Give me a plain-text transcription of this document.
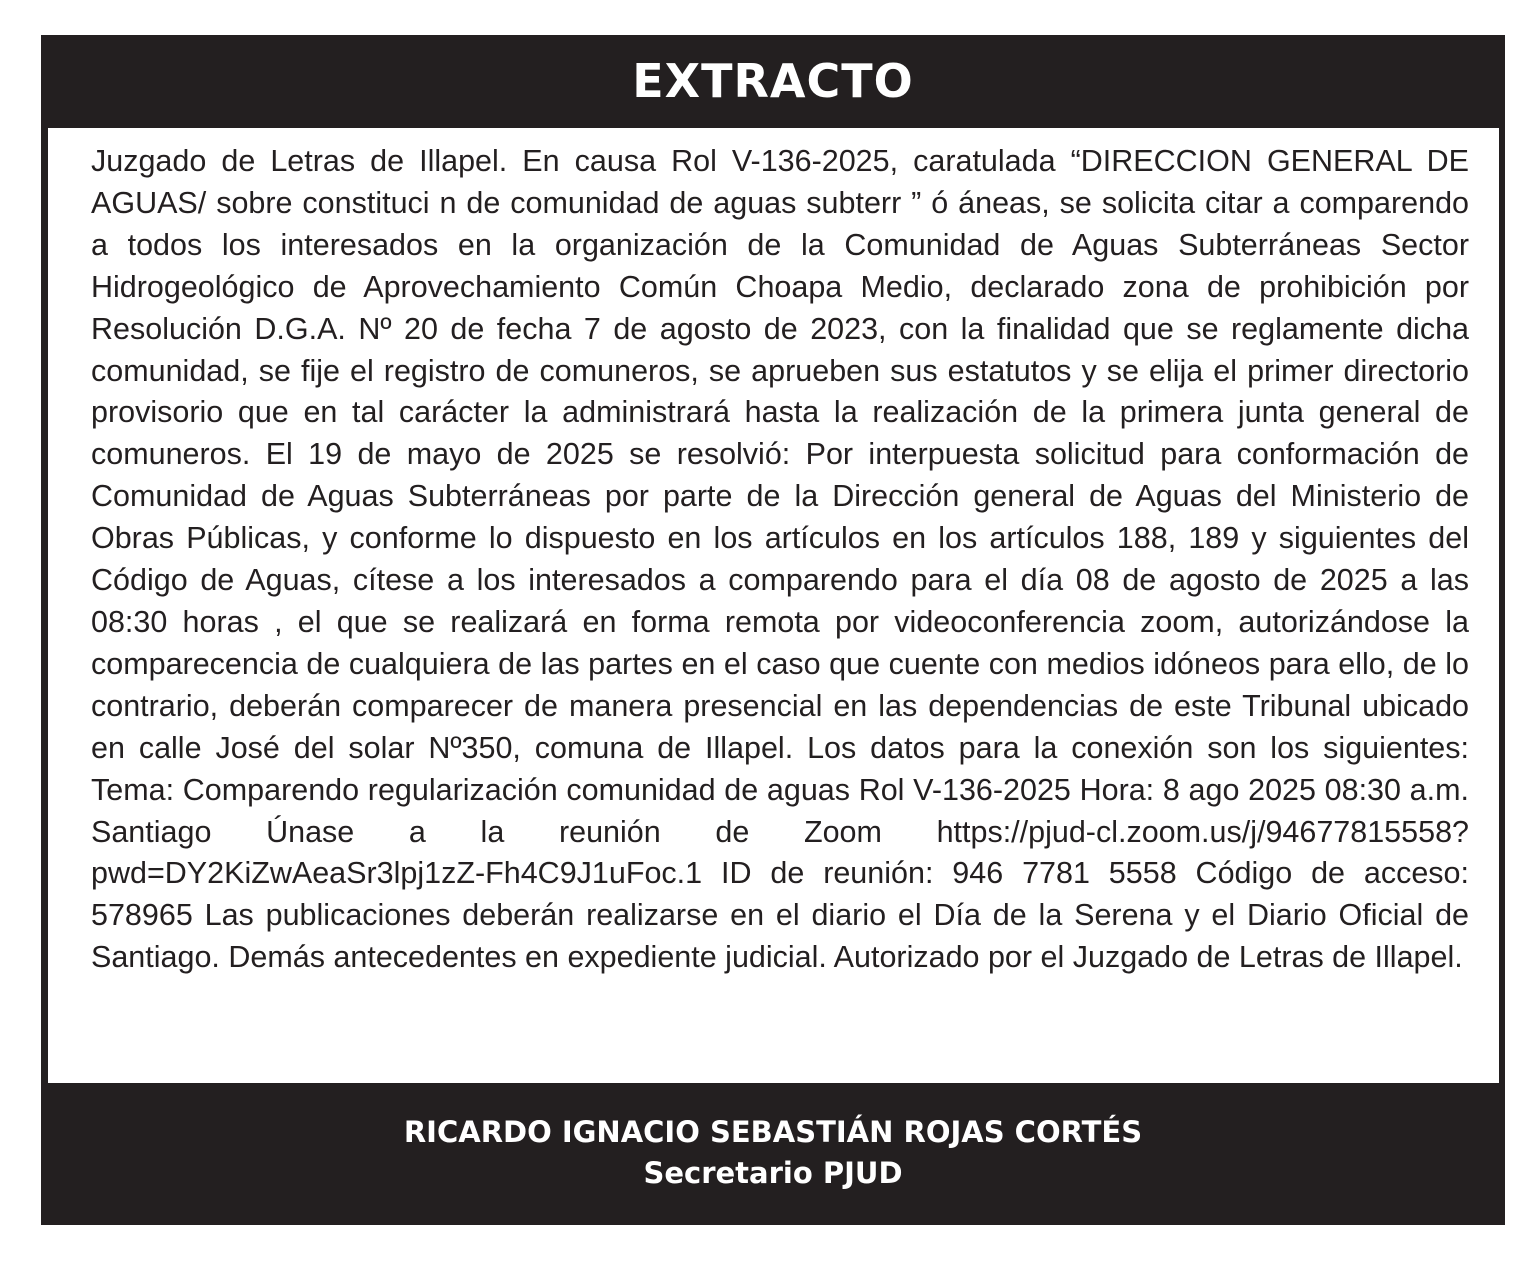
EXTRACTO

Juzgado de Letras de Illapel. En causa Rol V-136-2025, caratulada “DIRECCION GENERAL DE AGUAS/ sobre constituci n de comunidad de aguas subterr ” ó áneas, se solicita citar a comparendo a todos los interesados en la organización de la Comunidad de Aguas Subterráneas Sector Hidrogeológico de Aprovechamiento Común Choapa Medio, declarado zona de prohibición por Resolución D.G.A. Nº 20 de fecha 7 de agosto de 2023, con la finalidad que se reglamente dicha comunidad, se fije el registro de comuneros, se aprueben sus estatutos y se elija el primer directorio provisorio que en tal carácter la administrará hasta la realización de la primera junta general de comuneros. El 19 de mayo de 2025 se resolvió: Por interpuesta solicitud para conformación de Comunidad de Aguas Subterráneas por parte de la Dirección general de Aguas del Ministerio de Obras Públicas, y conforme lo dispuesto en los artículos en los artículos 188, 189 y siguientes del Código de Aguas, cítese a los interesados a comparendo para el día 08 de agosto de 2025 a las 08:30 horas , el que se realizará en forma remota por videoconferencia zoom, autorizándose la comparecencia de cualquiera de las partes en el caso que cuente con medios idóneos para ello, de lo contrario, deberán comparecer de manera presencial en las dependencias de este Tribunal ubicado en calle José del solar Nº350, comuna de Illapel. Los datos para la conexión son los siguientes: Tema: Comparendo regularización comunidad de aguas Rol V-136-2025 Hora: 8 ago 2025 08:30 a.m. Santiago Únase a la reunión de Zoom https://pjud-cl.zoom.us/j/94677815558?pwd=DY2KiZwAeaSr3lpj1zZ-Fh4C9J1uFoc.1 ID de reunión: 946 7781 5558 Código de acceso: 578965 Las publicaciones deberán realizarse en el diario el Día de la Serena y el Diario Oficial de Santiago. Demás antecedentes en expediente judicial. Autorizado por el Juzgado de Letras de Illapel.

RICARDO IGNACIO SEBASTIÁN ROJAS CORTÉS
Secretario PJUD
